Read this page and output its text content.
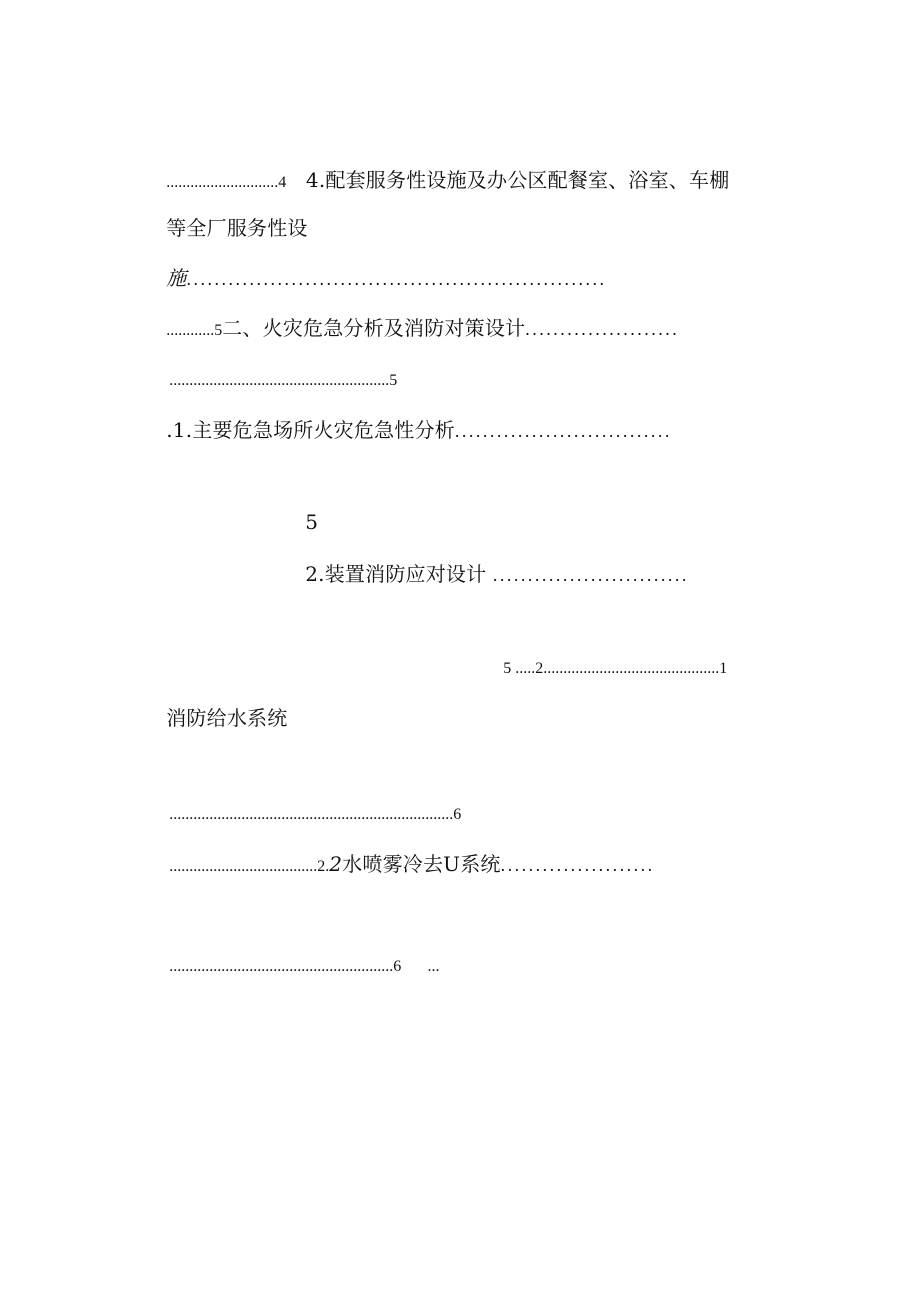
............................4 4.配套服务性设施及办公区配餐室、浴室、车棚

等全厂服务性设

施............................................................

............5二、火灾危急分析及消防对策设计......................

.......................................................5

.1.主要危急场所火灾危急性分析...............................

5

2.装置消防应对设计 ............................

5 .....2............................................1

消防给水系统

.......................................................................6

.....................................2.2水喷雾冷去U系统......................

........................................................6 ...
